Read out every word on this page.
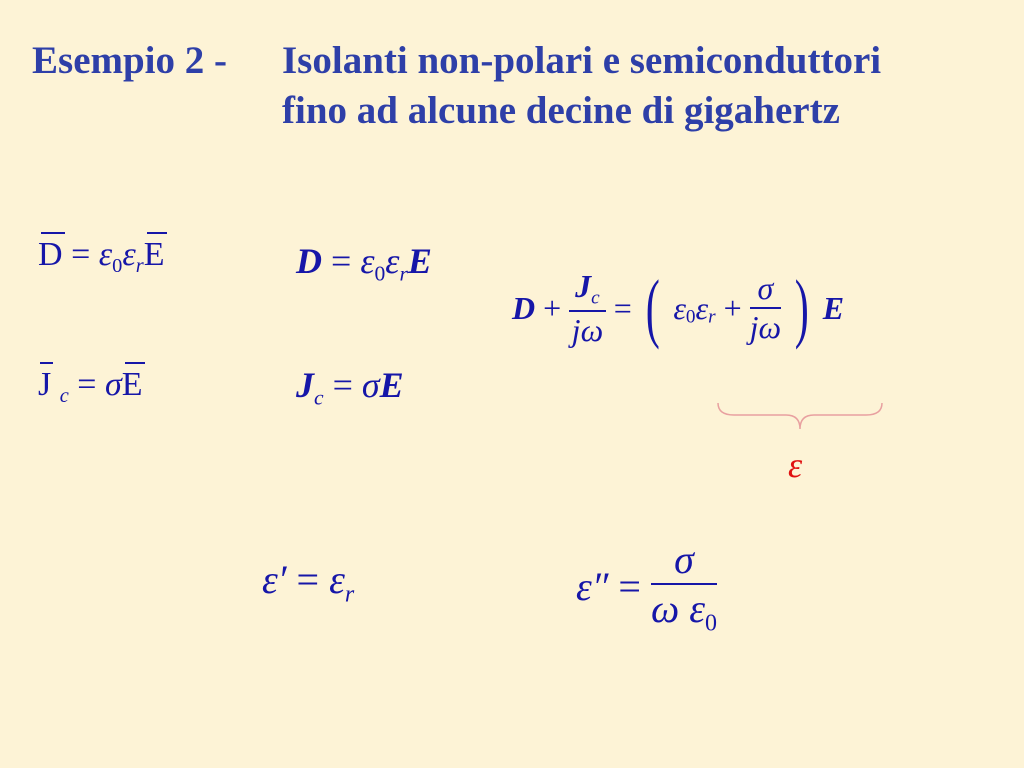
Esempio 2 - Isolanti non-polari e semiconduttori
fino ad alcune decine di gigahertz
$D = \varepsilon_0\varepsilon_rE$	$D = \varepsilon_0\varepsilon_rE$
J $_c$ = σE	$J_c = \sigma E$
$D + \frac{J_c}{j\omega}$ = ( $\varepsilon_0\varepsilon_r + \frac{\sigma}{j\omega}$ ) E
ε
$\varepsilon' = \varepsilon_r$	$\varepsilon'' = \frac{\sigma}{\omega \varepsilon_0}$
